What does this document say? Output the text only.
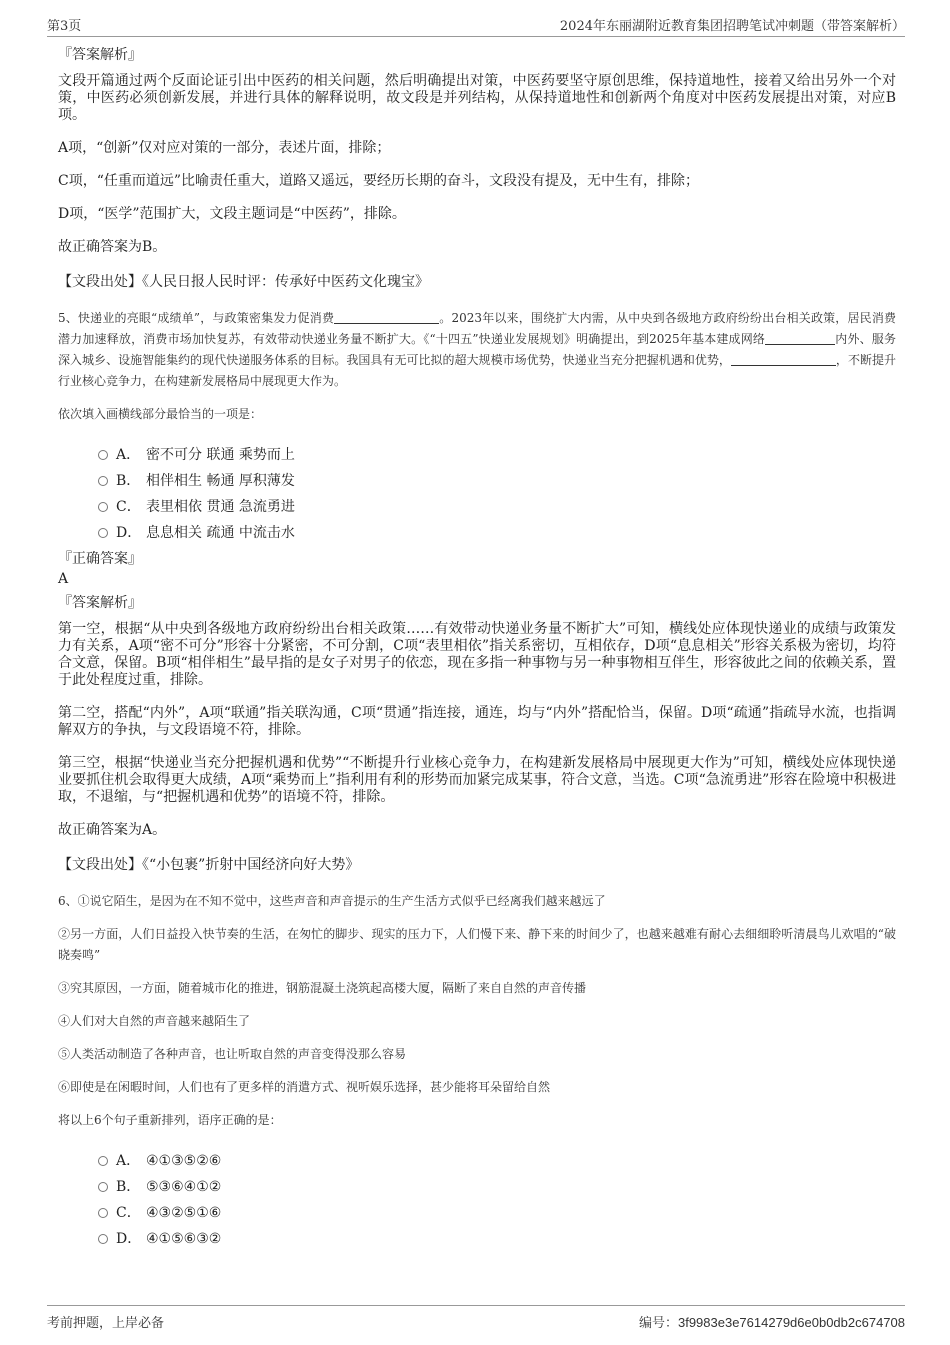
第3页	2024年东丽湖附近教育集团招聘笔试冲刺题（带答案解析）
『答案解析』

文段开篇通过两个反面论证引出中医药的相关问题，然后明确提出对策，中医药要坚守原创思维，保持道地性，接着又给出另外一个对策，中医药必须创新发展，并进行具体的解释说明，故文段是并列结构，从保持道地性和创新两个角度对中医药发展提出对策，对应B项。

A项，“创新”仅对应对策的一部分，表述片面，排除；

C项，“任重而道远”比喻责任重大，道路又遥远，要经历长期的奋斗，文段没有提及，无中生有，排除；

D项，“医学”范围扩大，文段主题词是“中医药”，排除。

故正确答案为B。

【文段出处】《人民日报人民时评：传承好中医药文化瑰宝》

5、快递业的亮眼“成绩单”，与政策密集发力促消费	。2023年以来，围绕扩大内需，从中央到各级地方政府纷纷出台相关政策，居民消费潜力加速释放，消费市场加快复苏，有效带动快递业务量不断扩大。《“十四五”快递业发展规划》明确提出，到2025年基本建成网络	内外、服务深入城乡、设施智能集约的现代快递服务体系的目标。我国具有无可比拟的超大规模市场优势，快递业当充分把握机遇和优势，	，不断提升行业核心竞争力，在构建新发展格局中展现更大作为。

依次填入画横线部分最恰当的一项是：
A． 密不可分 联通 乘势而上
B． 相伴相生 畅通 厚积薄发
C． 表里相依 贯通 急流勇进
D． 息息相关 疏通 中流击水
『正确答案』
A
『答案解析』

第一空，根据“从中央到各级地方政府纷纷出台相关政策……有效带动快递业务量不断扩大”可知，横线处应体现快递业的成绩与政策发力有关系，A项“密不可分”形容十分紧密，不可分割，C项“表里相依”指关系密切，互相依存，D项“息息相关”形容关系极为密切，均符合文意，保留。B项“相伴相生”最早指的是女子对男子的依恋，现在多指一种事物与另一种事物相互伴生，形容彼此之间的依赖关系，置于此处程度过重，排除。

第二空，搭配“内外”，A项“联通”指关联沟通，C项“贯通”指连接，通连，均与“内外”搭配恰当，保留。D项“疏通”指疏导水流，也指调解双方的争执，与文段语境不符，排除。

第三空，根据“快递业当充分把握机遇和优势”“不断提升行业核心竞争力，在构建新发展格局中展现更大作为”可知，横线处应体现快递业要抓住机会取得更大成绩，A项“乘势而上”指利用有利的形势而加紧完成某事，符合文意，当选。C项“急流勇进”形容在险境中积极进取，不退缩，与“把握机遇和优势”的语境不符，排除。

故正确答案为A。

【文段出处】《“小包裹”折射中国经济向好大势》

6、①说它陌生，是因为在不知不觉中，这些声音和声音提示的生产生活方式似乎已经离我们越来越远了

②另一方面，人们日益投入快节奏的生活，在匆忙的脚步、现实的压力下，人们慢下来、静下来的时间少了，也越来越难有耐心去细细聆听清晨鸟儿欢唱的“破晓奏鸣”

③究其原因，一方面，随着城市化的推进，钢筋混凝土浇筑起高楼大厦，隔断了来自自然的声音传播

④人们对大自然的声音越来越陌生了

⑤人类活动制造了各种声音，也让听取自然的声音变得没那么容易

⑥即使是在闲暇时间，人们也有了更多样的消遣方式、视听娱乐选择，甚少能将耳朵留给自然

将以上6个句子重新排列，语序正确的是：
A． ④①③⑤②⑥
B． ⑤③⑥④①②
C． ④③②⑤①⑥
D． ④①⑤⑥③②
考前押题，上岸必备	编号：3f9983e3e7614279d6e0b0db2c674708
